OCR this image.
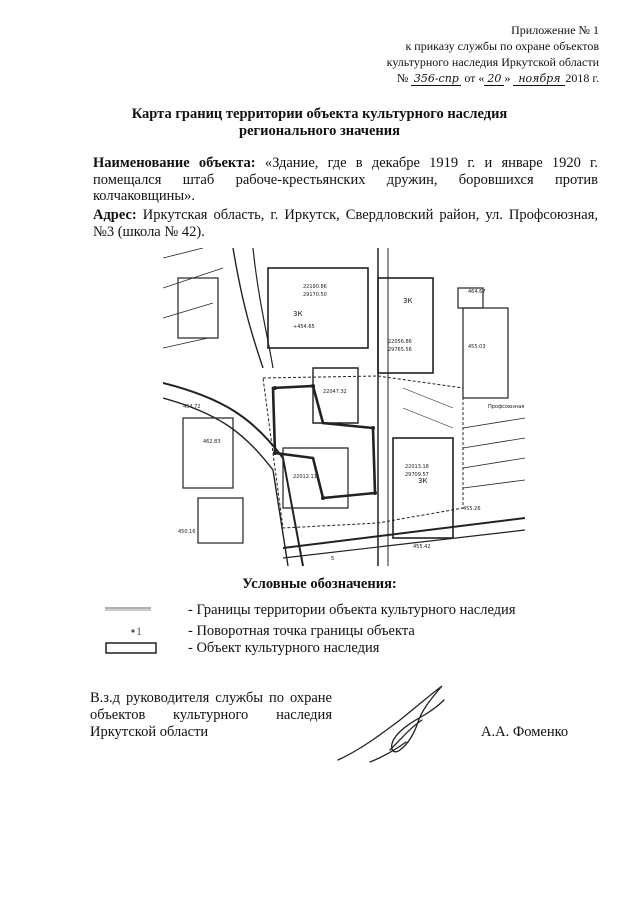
Приложение № 1
к приказу службы по охране объектов
культурного наследия Иркутской области
№ 356-спр от « 20 » ноября 2018 г.
Карта границ территории объекта культурного наследия
регионального значения
Наименование объекта: «Здание, где в декабре 1919 г. и январе 1920 г. помещался штаб рабоче-крестьянских дружин, боровшихся против колчаковщины».
Адрес: Иркутская область, г. Иркутск, Свердловский район, ул. Профсоюзная, №3 (школа № 42).
22190.86
29170.50
+454.65
22056.86
29765.56
22013.18
29709.57
464.67
455.03
454.72
462.83
450.16
22047.32
22012.11
455.26
455.42
3К
3К
3К
Профсоюзная
5
Условные обозначения:
- Границы территории объекта культурного наследия
1	- Поворотная точка границы объекта
- Объект культурного наследия
В.з.д руководителя службы по охране объектов культурного наследия Иркутской области	А.А. Фоменко
